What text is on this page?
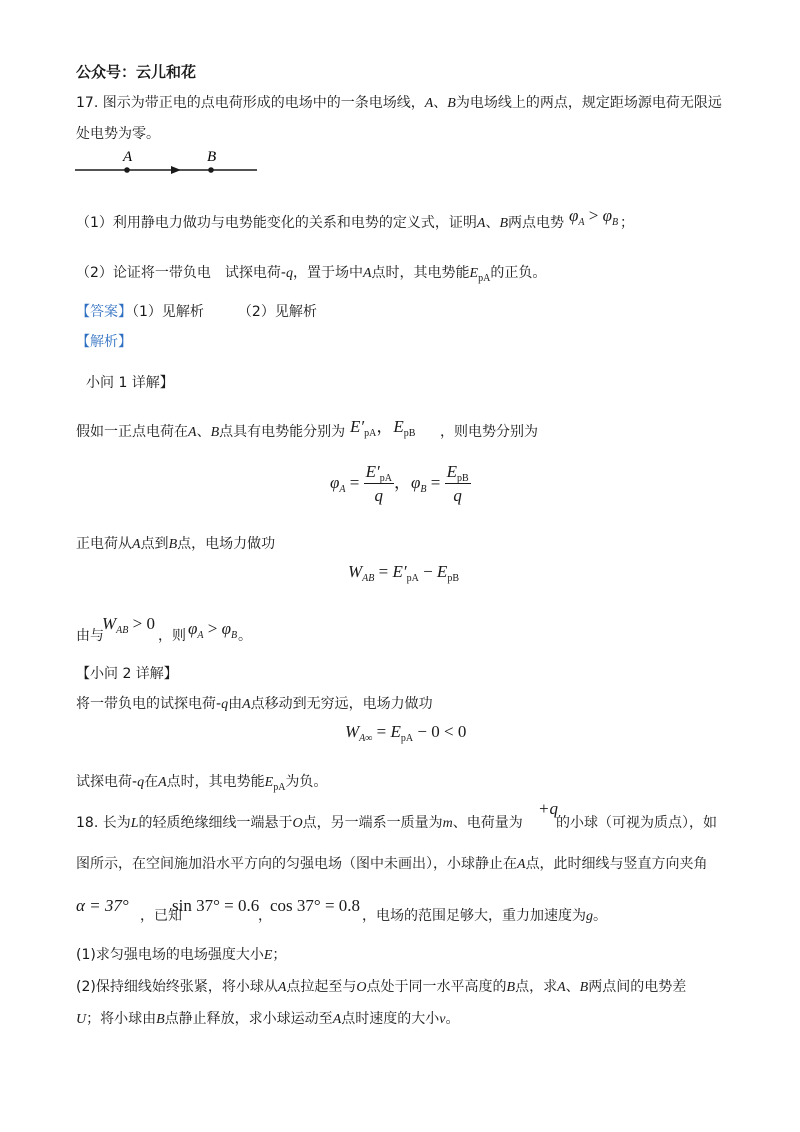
公众号：云儿和花
17. 图示为带正电的点电荷形成的电场中的一条电场线，A、B为电场线上的两点，规定距场源电荷无限远
处电势为零。
A	B
（1）利用静电力做功与电势能变化的关系和电势的定义式，证明A、B两点电势 $\varphi_A > \varphi_B$ ；
（2）论证将一带负电　试探电荷-q，置于场中A点时，其电势能$E_{pA}$的正负。
【答案】（1）见解析 （2）见解析
【解析】
小问 1 详解】
假如一正点电荷在A、B点具有电势能分别为 $E'_{pA}$，$E_{pB}$ ，则电势分别为
$\varphi_A = \frac{E'_{pA}}{q}$ ，$\varphi_B = \frac{E_{pB}}{q}$
正电荷从A点到B点，电场力做功
$W_{AB} = E'_{pA} - E_{pB}$
由与
$W_{AB} > 0$
，则 $\varphi_A > \varphi_B$ 。
【小问 2 详解】
将一带负电的试探电荷-q由A点移动到无穷远，电场力做功
$W_{A\infty} = E_{pA} - 0 < 0$
试探电荷-q在A点时，其电势能$E_{pA}$为负。
18. 长为L的轻质绝缘细线一端悬于O点，另一端系一质量为m、电荷量为
+q
的小球（可视为质点），如
图所示，在空间施加沿水平方向的匀强电场（图中未画出），小球静止在A点，此时细线与竖直方向夹角
α = 37°
，已知
sin 37° = 0.6
，
cos 37° = 0.8
，电场的范围足够大，重力加速度为g。
(1)求匀强电场的电场强度大小E；
(2)保持细线始终张紧，将小球从A点拉起至与O点处于同一水平高度的B点，求A、B两点间的电势差
U；将小球由B点静止释放，求小球运动至A点时速度的大小v。
